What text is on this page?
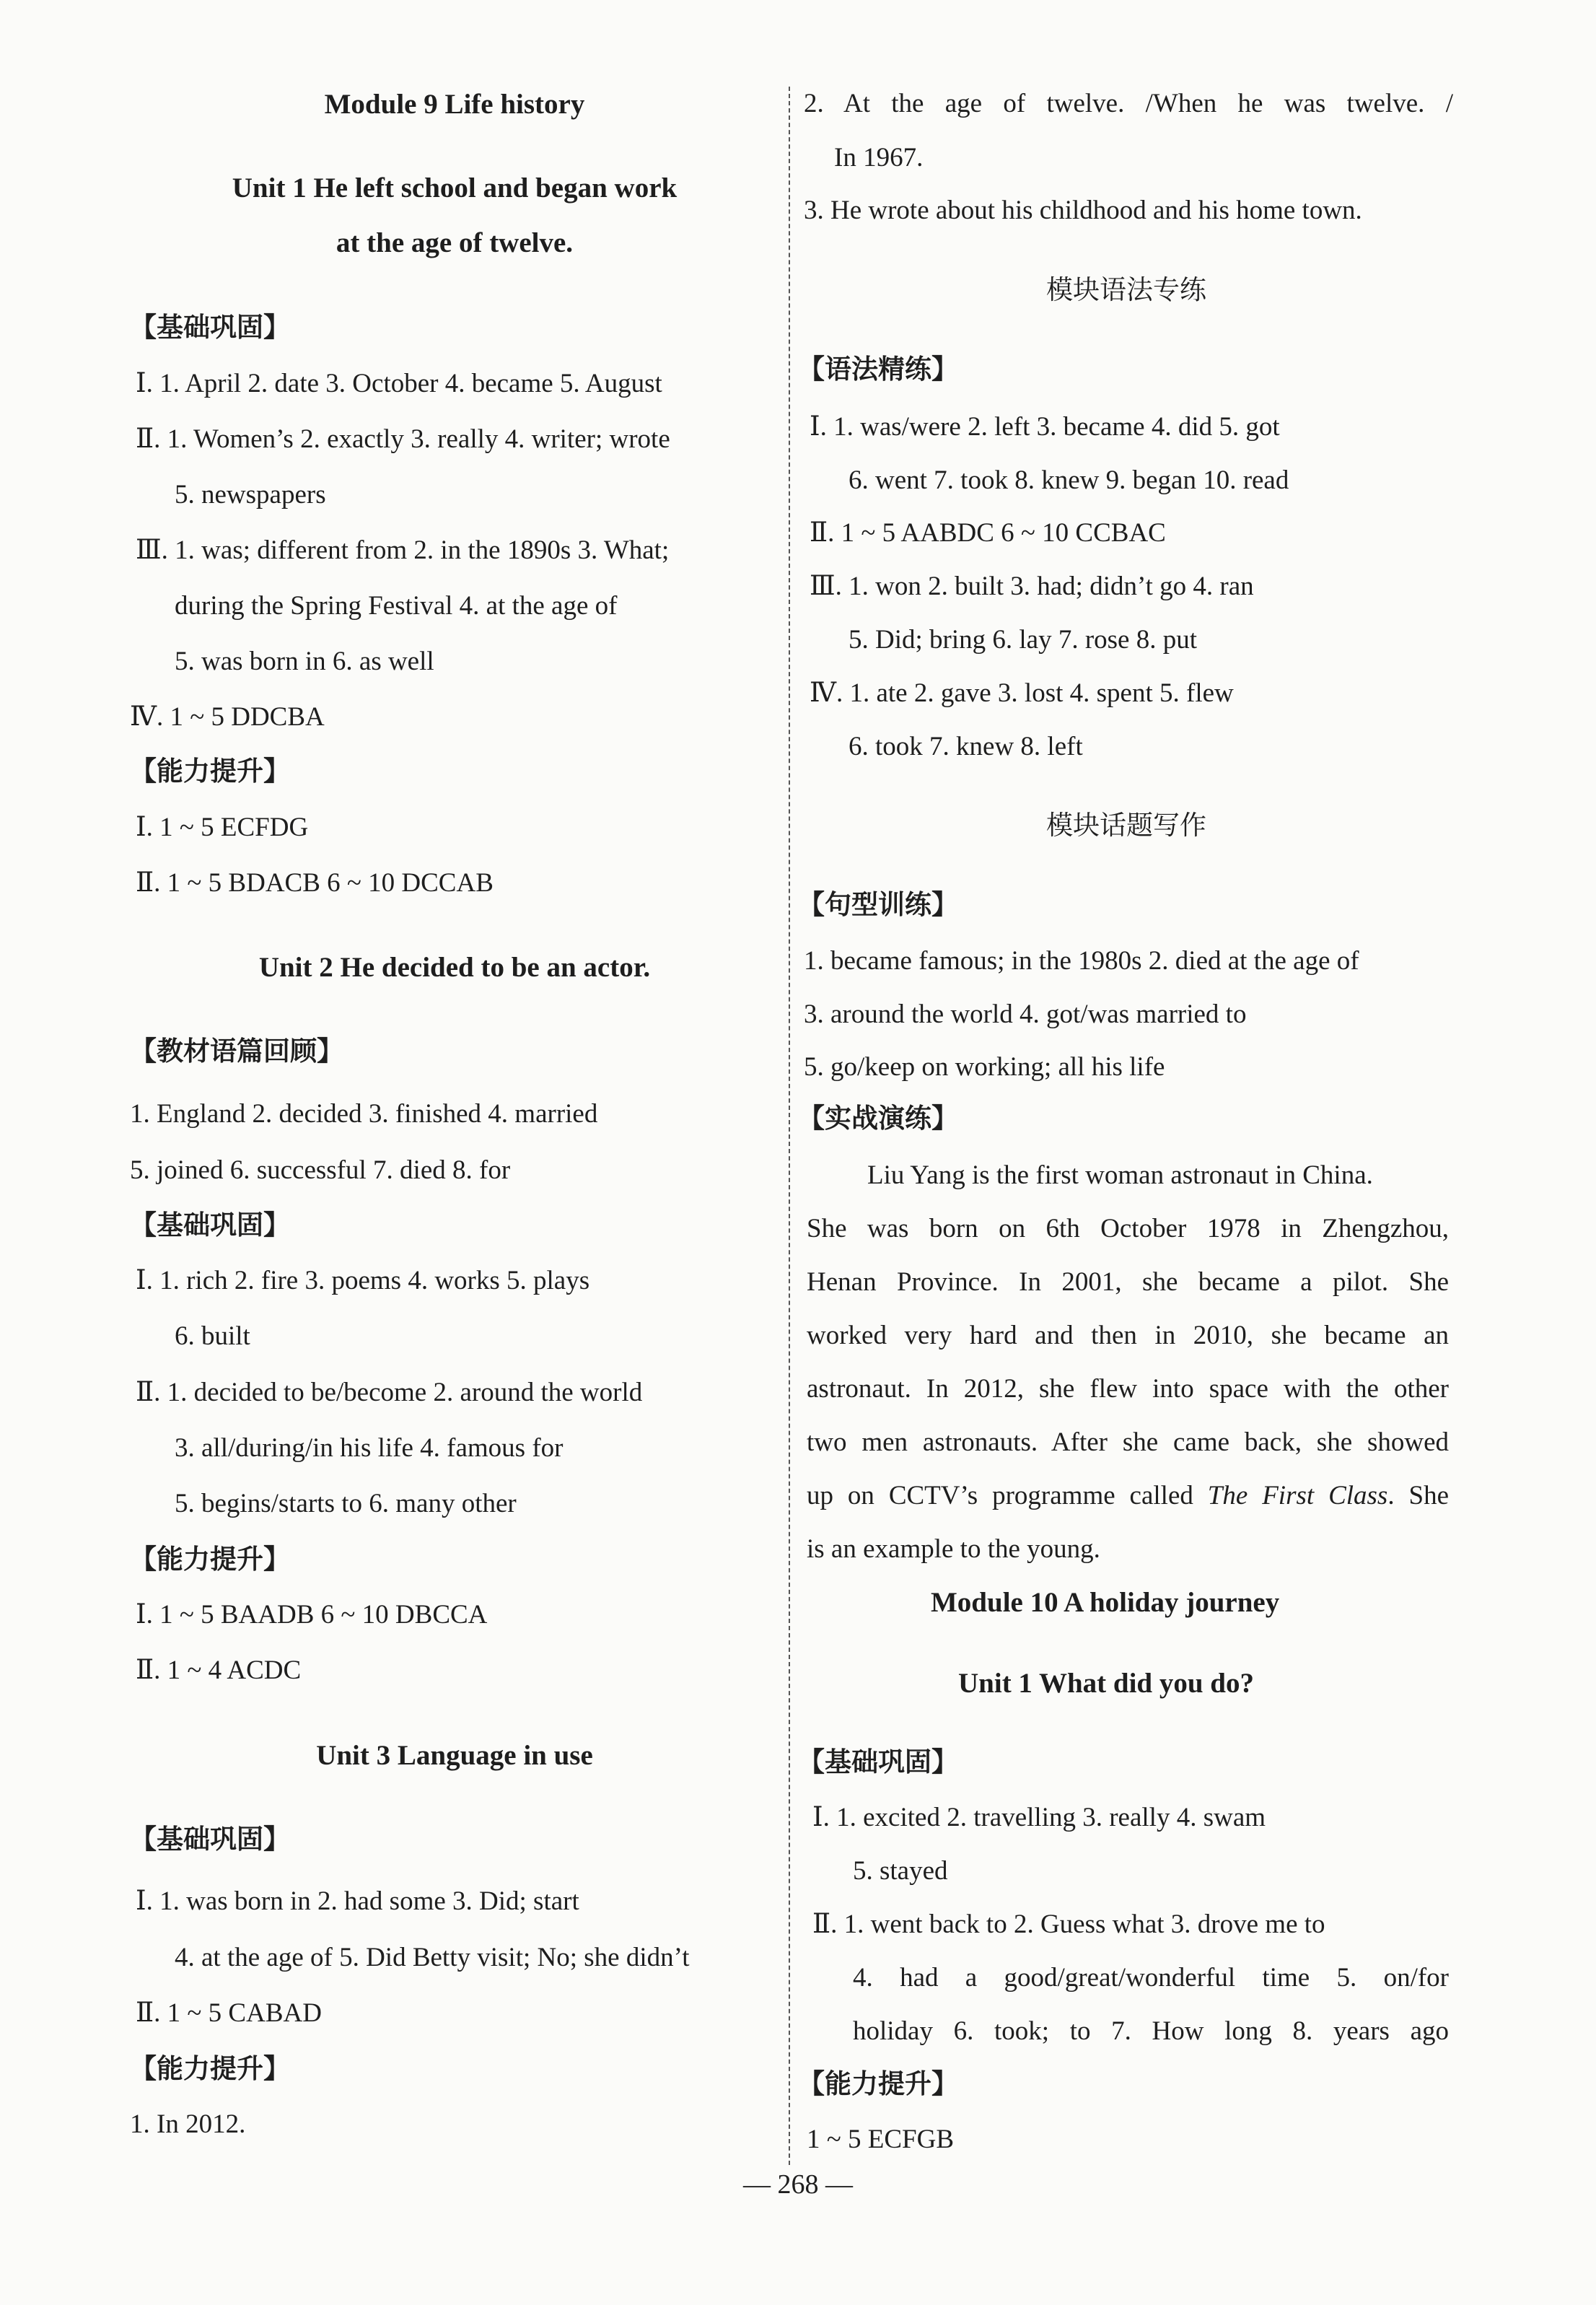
Module 9 Life history
Unit 1 He left school and began work
at the age of twelve.
【基础巩固】
Ⅰ. 1. April 2. date 3. October 4. became 5. August
Ⅱ. 1. Women’s 2. exactly 3. really 4. writer; wrote
5. newspapers
Ⅲ. 1. was; different from 2. in the 1890s 3. What;
during the Spring Festival 4. at the age of
5. was born in 6. as well
Ⅳ. 1 ~ 5 DDCBA
【能力提升】
Ⅰ. 1 ~ 5 ECFDG
Ⅱ. 1 ~ 5 BDACB 6 ~ 10 DCCAB
Unit 2 He decided to be an actor.
【教材语篇回顾】
1. England 2. decided 3. finished 4. married
5. joined 6. successful 7. died 8. for
【基础巩固】
Ⅰ. 1. rich 2. fire 3. poems 4. works 5. plays
6. built
Ⅱ. 1. decided to be/become 2. around the world
3. all/during/in his life 4. famous for
5. begins/starts to 6. many other
【能力提升】
Ⅰ. 1 ~ 5 BAADB 6 ~ 10 DBCCA
Ⅱ. 1 ~ 4 ACDC
Unit 3 Language in use
【基础巩固】
Ⅰ. 1. was born in 2. had some 3. Did; start
4. at the age of 5. Did Betty visit; No; she didn’t
Ⅱ. 1 ~ 5 CABAD
【能力提升】
1. In 2012.
2. At the age of twelve. /When he was twelve. /
In 1967.
3. He wrote about his childhood and his home town.
模块语法专练
【语法精练】
Ⅰ. 1. was/were 2. left 3. became 4. did 5. got
6. went 7. took 8. knew 9. began 10. read
Ⅱ. 1 ~ 5 AABDC 6 ~ 10 CCBAC
Ⅲ. 1. won 2. built 3. had; didn’t go 4. ran
5. Did; bring 6. lay 7. rose 8. put
Ⅳ. 1. ate 2. gave 3. lost 4. spent 5. flew
6. took 7. knew 8. left
模块话题写作
【句型训练】
1. became famous; in the 1980s 2. died at the age of
3. around the world 4. got/was married to
5. go/keep on working; all his life
【实战演练】
Liu Yang is the first woman astronaut in China.
She was born on 6th October 1978 in Zhengzhou,
Henan Province. In 2001, she became a pilot. She
worked very hard and then in 2010, she became an
astronaut. In 2012, she flew into space with the other
two men astronauts. After she came back, she showed
up on CCTV’s programme called The First Class. She
is an example to the young.
Module 10 A holiday journey
Unit 1 What did you do?
【基础巩固】
Ⅰ. 1. excited 2. travelling 3. really 4. swam
5. stayed
Ⅱ. 1. went back to 2. Guess what 3. drove me to
4. had a good/great/wonderful time 5. on/for
holiday 6. took; to 7. How long 8. years ago
【能力提升】
1 ~ 5 ECFGB
— 268 —
